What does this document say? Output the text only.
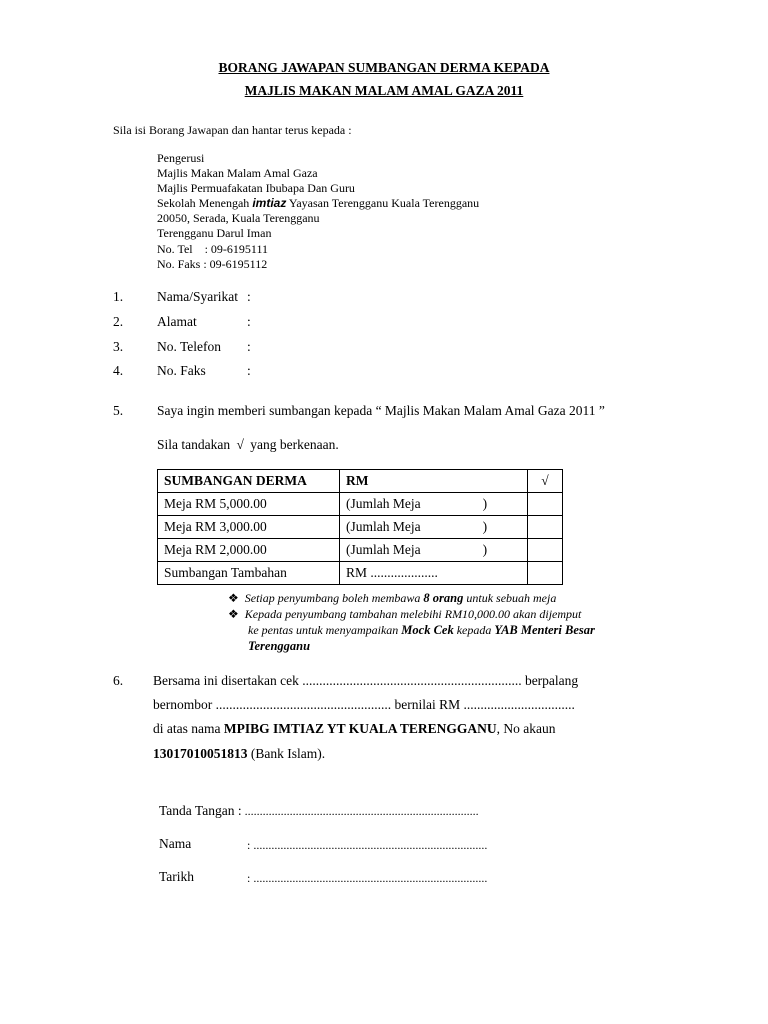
BORANG JAWAPAN SUMBANGAN DERMA KEPADA
MAJLIS MAKAN MALAM AMAL GAZA 2011
Sila isi Borang Jawapan dan hantar terus kepada :
Pengerusi
Majlis Makan Malam Amal Gaza
Majlis Permuafakatan Ibubapa Dan Guru
Sekolah Menengah imtiaz Yayasan Terengganu Kuala Terengganu
20050, Serada, Kuala Terengganu
Terengganu Darul Iman
No. Tel    : 09-6195111
No. Faks : 09-6195112
1.	Nama/Syarikat :
2.	Alamat	:
3.	No. Telefon :
4.	No. Faks	:
5.	Saya ingin memberi sumbangan kepada “ Majlis Makan Malam Amal Gaza 2011 ”
Sila tandakan √ yang berkenaan.
SUMBANGAN DERMA	RM	√
Meja RM 5,000.00	(Jumlah Meja )	
Meja RM 3,000.00	(Jumlah Meja )	
Meja RM 2,000.00	(Jumlah Meja )	
Sumbangan Tambahan	RM ....................	
❖ Setiap penyumbang boleh membawa 8 orang untuk sebuah meja
❖ Kepada penyumbang tambahan melebihi RM10,000.00 akan dijemput
ke pentas untuk menyampaikan Mock Cek kepada YAB Menteri Besar
Terengganu
6. Bersama ini disertakan cek ................................................................. berpalang
bernombor .................................................... bernilai RM .................................
di atas nama MPIBG IMTIAZ YT KUALA TERENGGANU, No akaun
13017010051813 (Bank Islam).
Tanda Tangan : ..............................................................................
Nama	: ..............................................................................
Tarikh	: ..............................................................................
